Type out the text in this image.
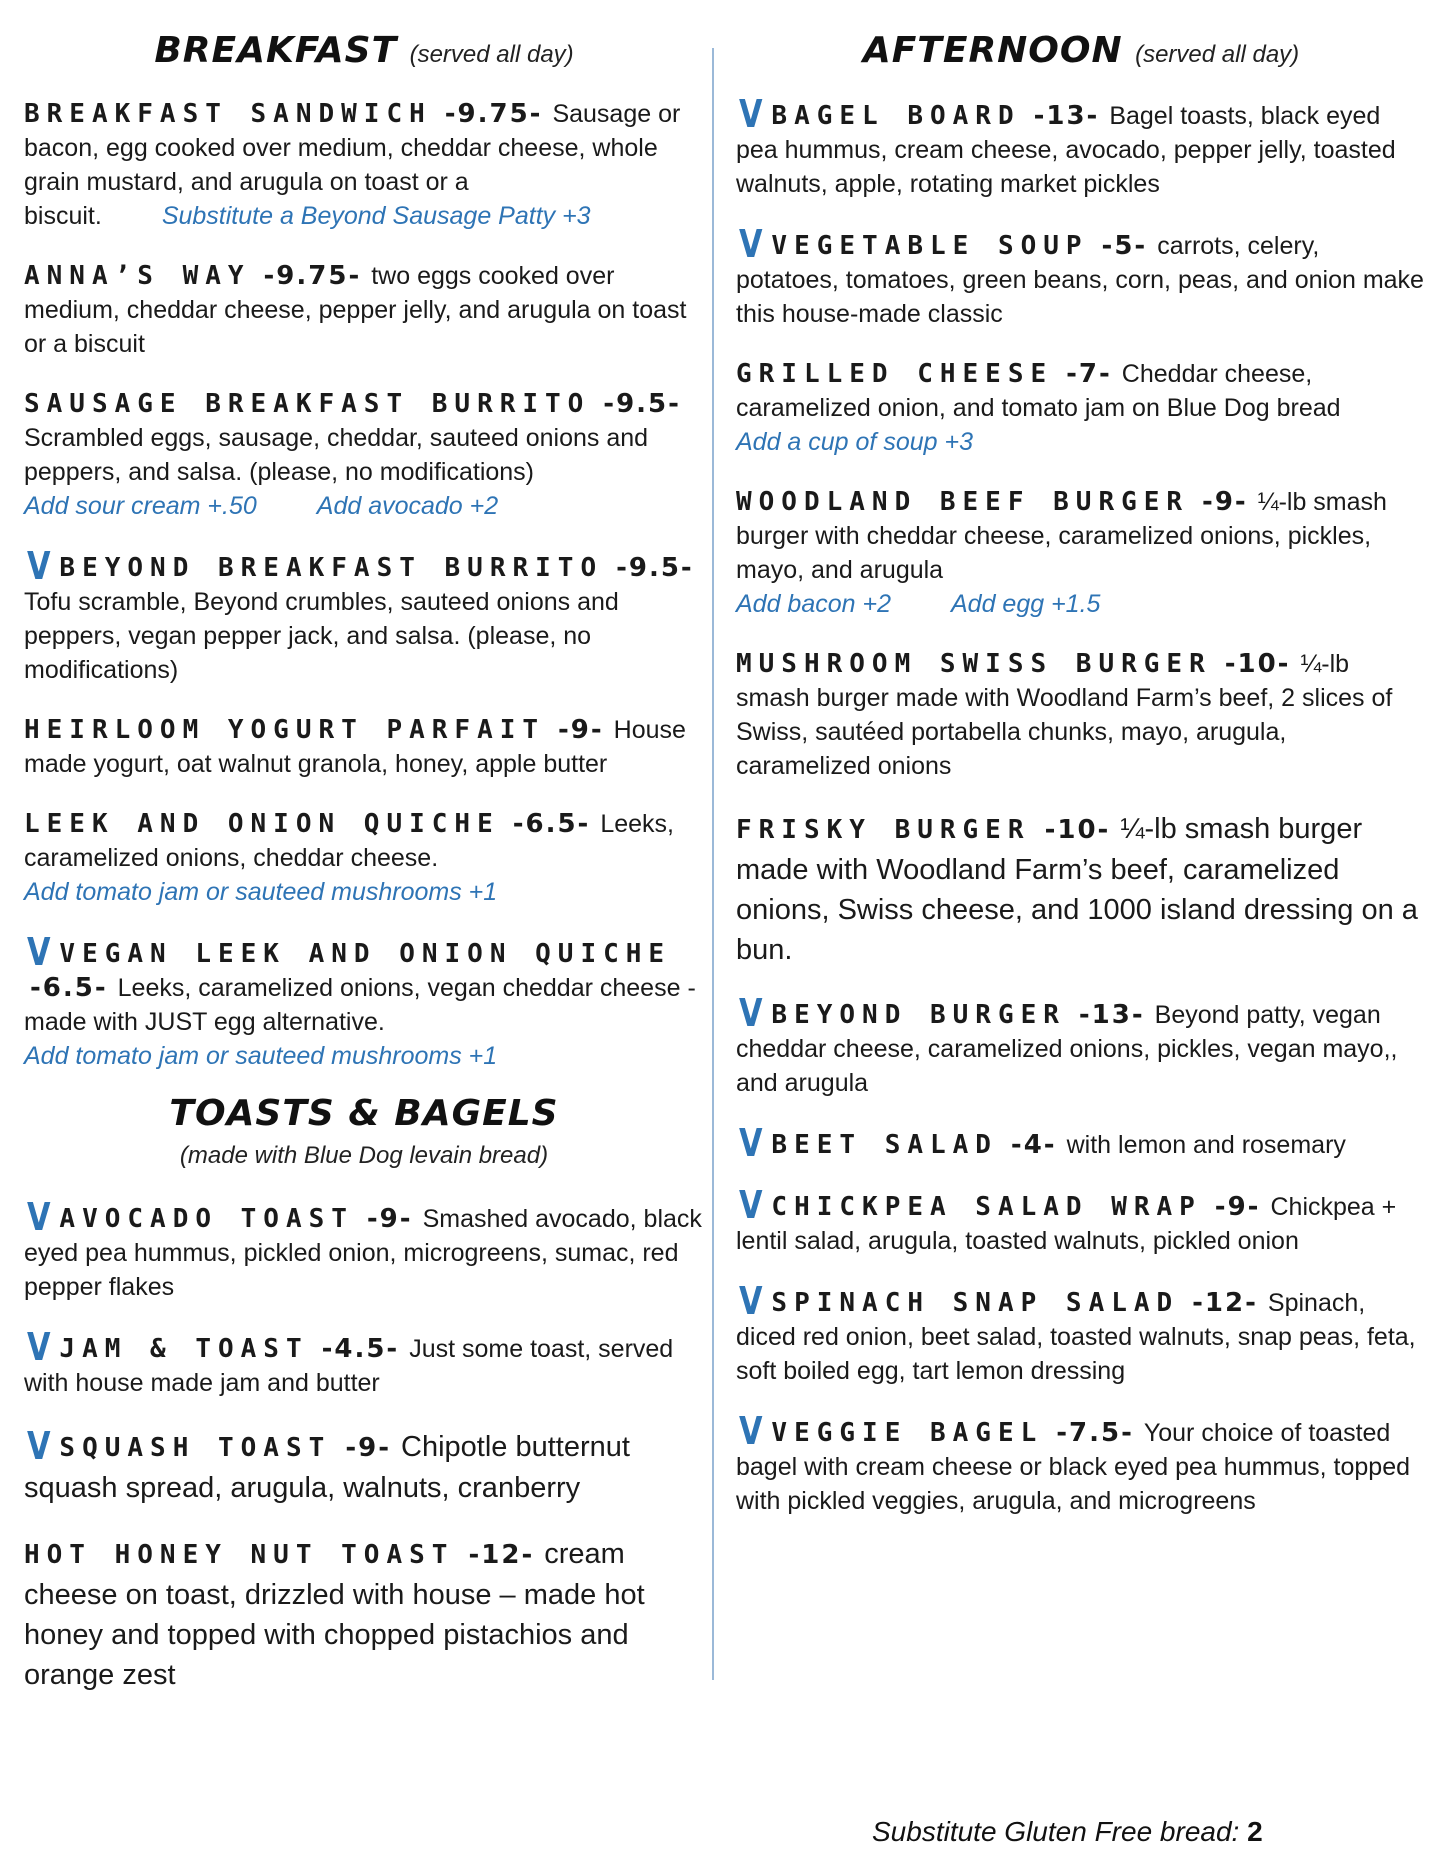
BREAKFAST (served all day)
BREAKFAST SANDWICH -9.75- Sausage or bacon, egg cooked over medium, cheddar cheese, whole grain mustard, and arugula on toast or a biscuit. Substitute a Beyond Sausage Patty +3
ANNA’S WAY -9.75- two eggs cooked over medium, cheddar cheese, pepper jelly, and arugula on toast or a biscuit
SAUSAGE BREAKFAST BURRITO -9.5-Scrambled eggs, sausage, cheddar, sauteed onions and peppers, and salsa. (please, no modifications)
Add sour cream +.50 Add avocado +2
V BEYOND BREAKFAST BURRITO -9.5-Tofu scramble, Beyond crumbles, sauteed onions and peppers, vegan pepper jack, and salsa. (please, no modifications)
HEIRLOOM YOGURT PARFAIT -9- House made yogurt, oat walnut granola, honey, apple butter
LEEK AND ONION QUICHE -6.5- Leeks, caramelized onions, cheddar cheese.
Add tomato jam or sauteed mushrooms +1
V VEGAN LEEK AND ONION QUICHE -6.5- Leeks, caramelized onions, vegan cheddar cheese - made with JUST egg alternative.
Add tomato jam or sauteed mushrooms +1
TOASTS & BAGELS
(made with Blue Dog levain bread)
V AVOCADO TOAST -9- Smashed avocado, black eyed pea hummus, pickled onion, microgreens, sumac, red pepper flakes
V JAM & TOAST -4.5- Just some toast, served with house made jam and butter
V SQUASH TOAST -9- Chipotle butternut squash spread, arugula, walnuts, cranberry
HOT HONEY NUT TOAST -12- cream cheese on toast, drizzled with house – made hot honey and topped with chopped pistachios and orange zest
AFTERNOON (served all day)
V BAGEL BOARD -13- Bagel toasts, black eyed pea hummus, cream cheese, avocado, pepper jelly, toasted walnuts, apple, rotating market pickles
V VEGETABLE SOUP -5- carrots, celery, potatoes, tomatoes, green beans, corn, peas, and onion make this house-made classic
GRILLED CHEESE -7- Cheddar cheese, caramelized onion, and tomato jam on Blue Dog bread
Add a cup of soup +3
WOODLAND BEEF BURGER -9- ¼-lb smash burger with cheddar cheese, caramelized onions, pickles, mayo, and arugula
Add bacon +2 Add egg +1.5
MUSHROOM SWISS BURGER -10- ¼-lb smash burger made with Woodland Farm’s beef, 2 slices of Swiss, sautéed portabella chunks, mayo, arugula, caramelized onions
FRISKY BURGER -10- ¼-lb smash burger made with Woodland Farm’s beef, caramelized onions, Swiss cheese, and 1000 island dressing on a bun.
V BEYOND BURGER -13- Beyond patty, vegan cheddar cheese, caramelized onions, pickles, vegan mayo,, and arugula
V BEET SALAD -4- with lemon and rosemary
V CHICKPEA SALAD WRAP -9- Chickpea + lentil salad, arugula, toasted walnuts, pickled onion
V SPINACH SNAP SALAD -12- Spinach, diced red onion, beet salad, toasted walnuts, snap peas, feta, soft boiled egg, tart lemon dressing
V VEGGIE BAGEL -7.5- Your choice of toasted bagel with cream cheese or black eyed pea hummus, topped with pickled veggies, arugula, and microgreens
Substitute Gluten Free bread: 2
